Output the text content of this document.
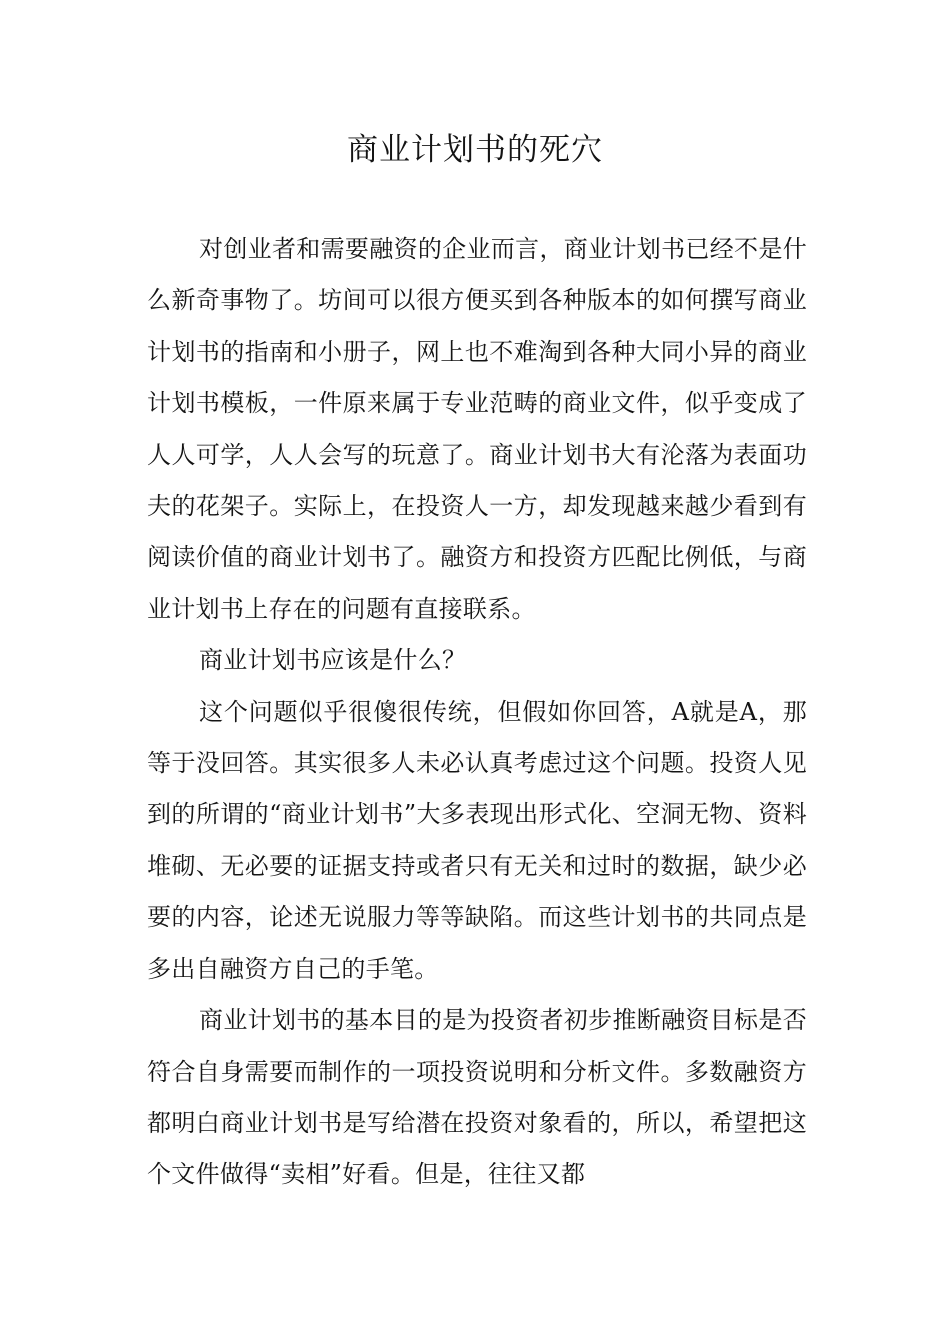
商业计划书的死穴

对创业者和需要融资的企业而言，商业计划书已经不是什么新奇事物了。坊间可以很方便买到各种版本的如何撰写商业计划书的指南和小册子，网上也不难淘到各种大同小异的商业计划书模板，一件原来属于专业范畴的商业文件，似乎变成了人人可学，人人会写的玩意了。商业计划书大有沦落为表面功夫的花架子。实际上，在投资人一方，却发现越来越少看到有阅读价值的商业计划书了。融资方和投资方匹配比例低，与商业计划书上存在的问题有直接联系。

商业计划书应该是什么？

这个问题似乎很傻很传统，但假如你回答，A就是A，那等于没回答。其实很多人未必认真考虑过这个问题。投资人见到的所谓的“商业计划书”大多表现出形式化、空洞无物、资料堆砌、无必要的证据支持或者只有无关和过时的数据，缺少必要的内容，论述无说服力等等缺陷。而这些计划书的共同点是多出自融资方自己的手笔。

商业计划书的基本目的是为投资者初步推断融资目标是否符合自身需要而制作的一项投资说明和分析文件。多数融资方都明白商业计划书是写给潜在投资对象看的，所以，希望把这个文件做得“卖相”好看。但是，往往又都
